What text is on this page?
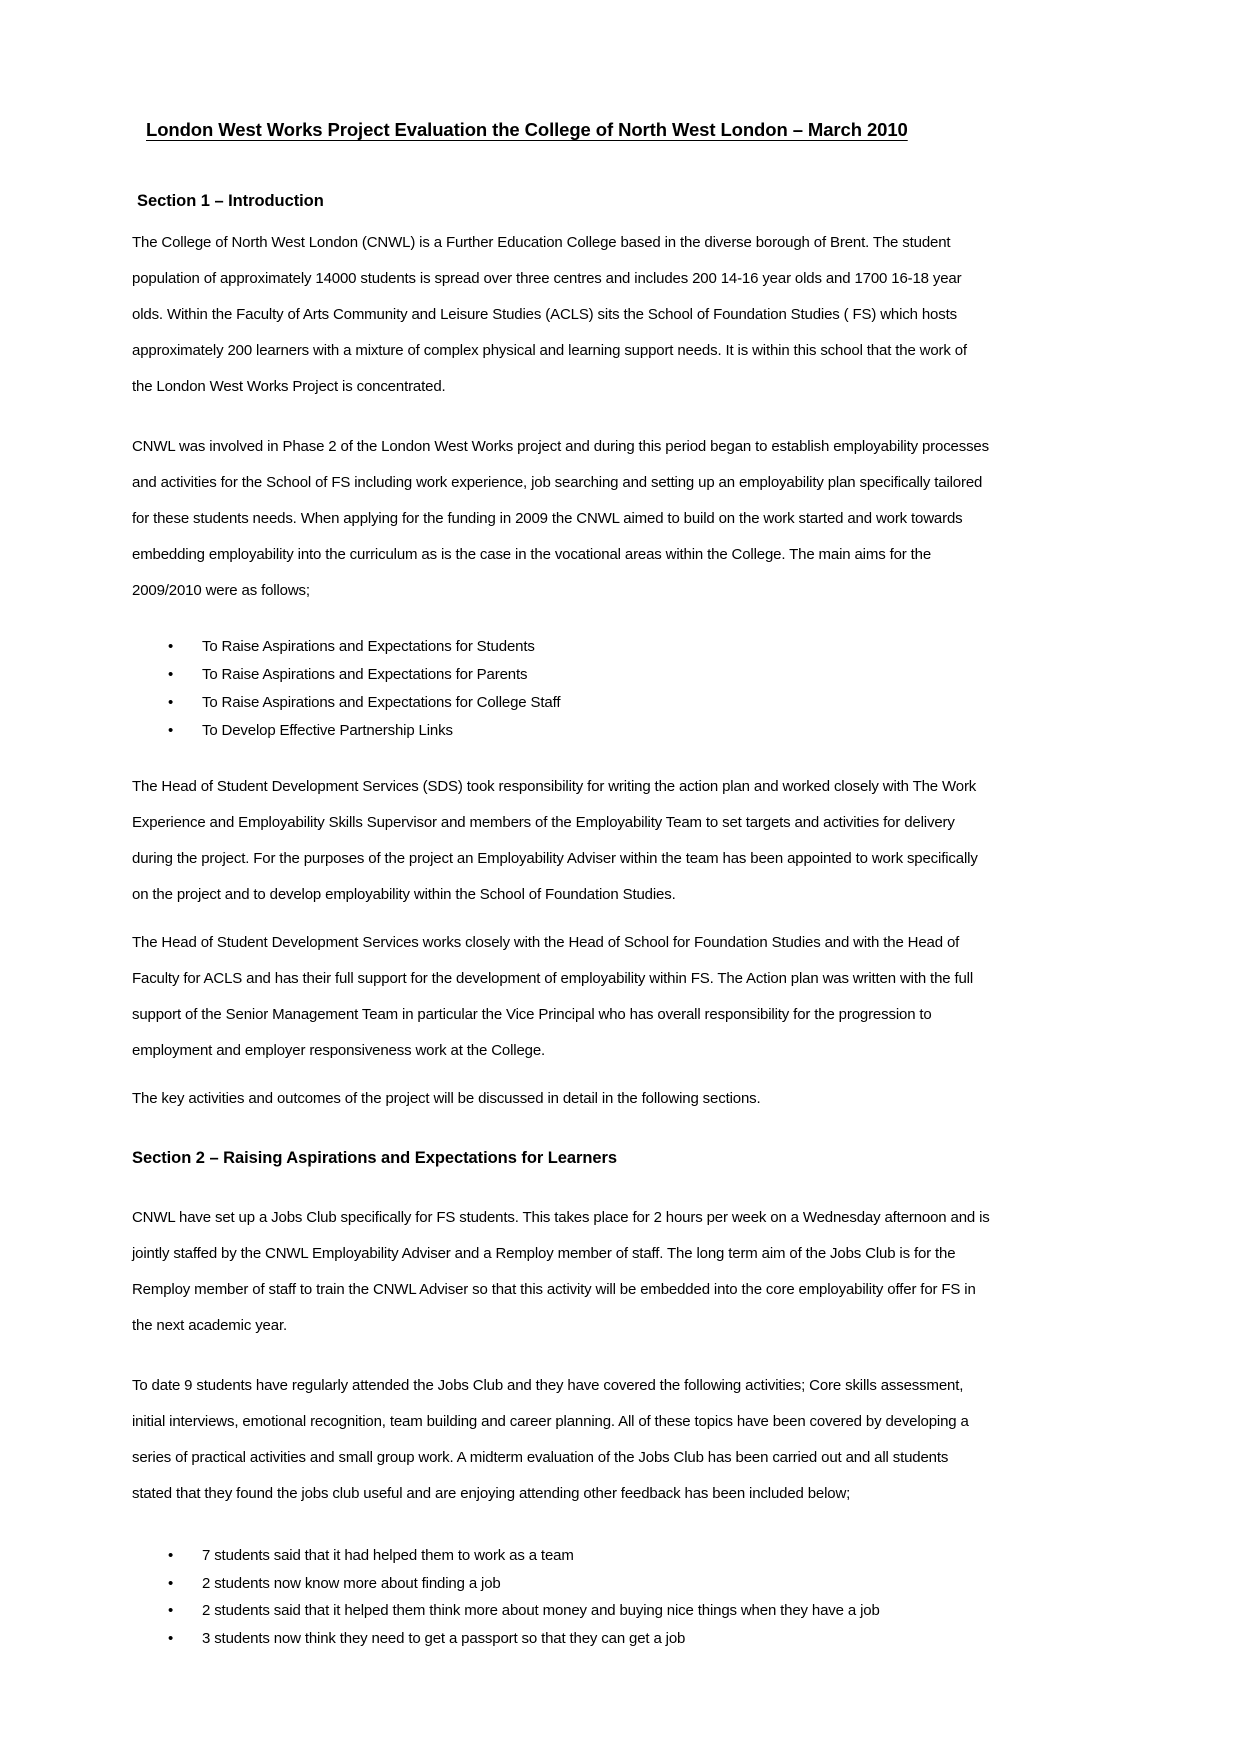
London West Works Project Evaluation the College of North West London – March 2010
Section 1 – Introduction

The College of North West London (CNWL) is a Further Education College based in the diverse borough of Brent. The student population of approximately 14000 students is spread over three centres and includes 200 14-16 year olds and 1700 16-18 year olds. Within the Faculty of Arts Community and Leisure Studies (ACLS) sits the School of Foundation Studies ( FS) which hosts approximately 200 learners with a mixture of complex physical and learning support needs. It is within this school that the work of the London West Works Project is concentrated.

CNWL was involved in Phase 2 of the London West Works project and during this period began to establish employability processes and activities for the School of FS including work experience, job searching and setting up an employability plan specifically tailored for these students needs. When applying for the funding in 2009 the CNWL aimed to build on the work started and work towards embedding employability into the curriculum as is the case in the vocational areas within the College. The main aims for the 2009/2010 were as follows;

• To Raise Aspirations and Expectations for Students
• To Raise Aspirations and Expectations for Parents
• To Raise Aspirations and Expectations for College Staff
• To Develop Effective Partnership Links

The Head of Student Development Services (SDS) took responsibility for writing the action plan and worked closely with The Work Experience and Employability Skills Supervisor and members of the Employability Team to set targets and activities for delivery during the project. For the purposes of the project an Employability Adviser within the team has been appointed to work specifically on the project and to develop employability within the School of Foundation Studies.

The Head of Student Development Services works closely with the Head of School for Foundation Studies and with the Head of Faculty for ACLS and has their full support for the development of employability within FS. The Action plan was written with the full support of the Senior Management Team in particular the Vice Principal who has overall responsibility for the progression to employment and employer responsiveness work at the College.

The key activities and outcomes of the project will be discussed in detail in the following sections.

Section 2 – Raising Aspirations and Expectations for Learners

CNWL have set up a Jobs Club specifically for FS students. This takes place for 2 hours per week on a Wednesday afternoon and is jointly staffed by the CNWL Employability Adviser and a Remploy member of staff. The long term aim of the Jobs Club is for the Remploy member of staff to train the CNWL Adviser so that this activity will be embedded into the core employability offer for FS in the next academic year.

To date 9 students have regularly attended the Jobs Club and they have covered the following activities; Core skills assessment, initial interviews, emotional recognition, team building and career planning. All of these topics have been covered by developing a series of practical activities and small group work. A midterm evaluation of the Jobs Club has been carried out and all students stated that they found the jobs club useful and are enjoying attending other feedback has been included below;

• 7 students said that it had helped them to work as a team
• 2 students now know more about finding a job
• 2 students said that it helped them think more about money and buying nice things when they have a job
• 3 students now think they need to get a passport so that they can get a job
